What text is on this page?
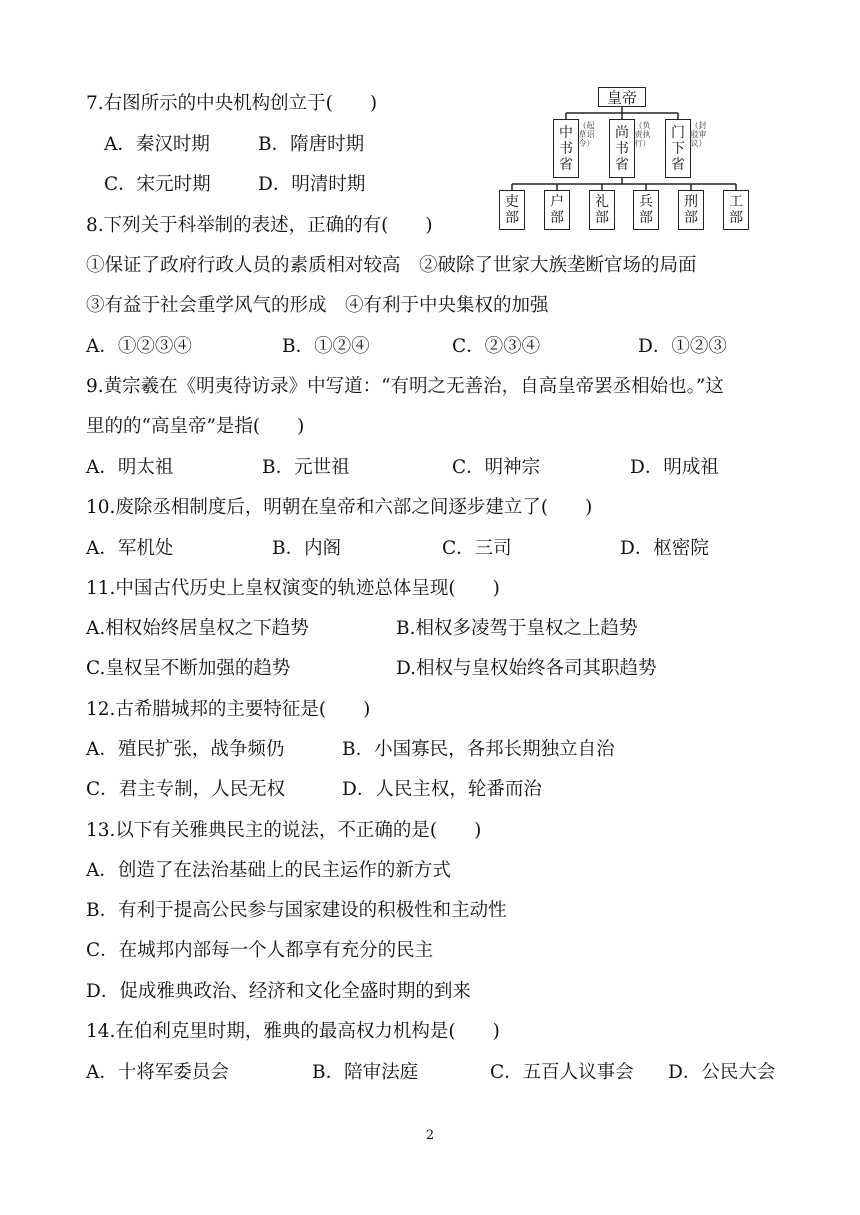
7.右图所示的中央机构创立于(　　)
A．秦汉时期	B．隋唐时期
C．宋元时期	D．明清时期
皇帝
中书省
（起草诏令）
尚书省
（负责执行）
门下省
（封驳审议）
吏部
户部
礼部
兵部
刑部
工部
8.下列关于科举制的表述，正确的有(　　)
①保证了政府行政人员的素质相对较高　②破除了世家大族垄断官场的局面
③有益于社会重学风气的形成　④有利于中央集权的加强
A．①②③④	B．①②④	C．②③④	D．①②③
9.黄宗羲在《明夷待访录》中写道：“有明之无善治，自高皇帝罢丞相始也。”这
里的的“高皇帝”是指(　　)
A．明太祖	B．元世祖	C．明神宗	D．明成祖
10.废除丞相制度后，明朝在皇帝和六部之间逐步建立了(　　)
A．军机处	B．内阁	C．三司	D．枢密院
11.中国古代历史上皇权演变的轨迹总体呈现(　　)
A.相权始终居皇权之下趋势	B.相权多凌驾于皇权之上趋势
C.皇权呈不断加强的趋势	D.相权与皇权始终各司其职趋势
12.古希腊城邦的主要特征是(　　)
A．殖民扩张，战争频仍	B．小国寡民，各邦长期独立自治
C．君主专制，人民无权	D．人民主权，轮番而治
13.以下有关雅典民主的说法，不正确的是(　　)
A．创造了在法治基础上的民主运作的新方式
B．有利于提高公民参与国家建设的积极性和主动性
C．在城邦内部每一个人都享有充分的民主
D．促成雅典政治、经济和文化全盛时期的到来
14.在伯利克里时期，雅典的最高权力机构是(　　)
A．十将军委员会	B．陪审法庭	C．五百人议事会 D．公民大会
2
